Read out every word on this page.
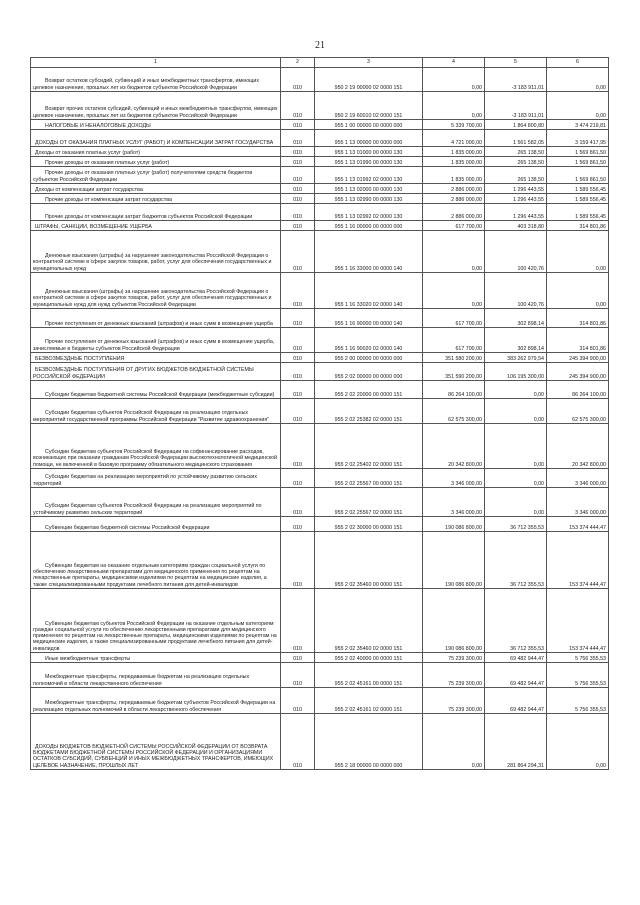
21
1	2	3	4	5	6
Возврат остатков субсидий, субвенций и иных межбюджетных трансфертов, имеющих целевое назначение, прошлых лет из бюджетов субъектов Российской Федерации	010	950 2 19 00000 02 0000 151	0,00	-3 183 911,01	0,00
Возврат прочих остатков субсидий, субвенций и иных межбюджетных трансфертов, имеющих целевое назначение, прошлых лет из бюджетов субъектов Российской Федерации	010	950 2 19 60010 02 0000 151	0,00	-3 183 911,01	0,00
НАЛОГОВЫЕ И НЕНАЛОГОВЫЕ ДОХОДЫ	010	955 1 00 00000 00 0000 000	5 339 700,00	1 864 800,80	3 474 219,81
ДОХОДЫ ОТ ОКАЗАНИЯ ПЛАТНЫХ УСЛУГ (РАБОТ) И КОМПЕНСАЦИИ ЗАТРАТ ГОСУДАРСТВА	010	955 1 13 00000 00 0000 000	4 721 000,00	1 561 582,05	3 159 417,95
Доходы от оказания платных услуг (работ)	010	955 1 13 01000 00 0000 130	1 835 000,00	265 138,50	1 569 861,50
Прочие доходы от оказания платных услуг (работ)	010	955 1 13 01990 00 0000 130	1 835 000,00	265 138,50	1 569 861,50
Прочие доходы от оказания платных услуг (работ) получателями средств бюджетов субъектов Российской Федерации	010	955 1 13 01992 02 0000 130	1 835 000,00	265 138,50	1 569 861,50
Доходы от компенсации затрат государства	010	955 1 13 02000 00 0000 130	2 886 000,00	1 296 443,55	1 589 556,45
Прочие доходы от компенсации затрат государства	010	955 1 13 02990 00 0000 130	2 886 000,00	1 296 443,55	1 589 556,45
Прочие доходы от компенсации затрат бюджетов субъектов Российской Федерации	010	955 1 13 02992 02 0000 130	2 886 000,00	1 296 443,55	1 589 556,45
ШТРАФЫ, САНКЦИИ, ВОЗМЕЩЕНИЕ УЩЕРБА	010	955 1 16 00000 00 0000 000	617 700,00	403 318,80	314 801,86
Денежные взыскания (штрафы) за нарушение законодательства Российской Федерации о контрактной системе в сфере закупок товаров, работ, услуг для обеспечения государственных и муниципальных нужд	010	955 1 16 33000 00 0000 140	0,00	100 420,76	0,00
Денежные взыскания (штрафы) за нарушение законодательства Российской Федерации о контрактной системе в сфере закупок товаров, работ, услуг для обеспечения государственных и муниципальных нужд для нужд субъектов Российской Федерации	010	955 1 16 33020 02 0000 140	0,00	100 420,76	0,00
Прочие поступления от денежных взысканий (штрафов) и иных сумм в возмещение ущерба	010	955 1 16 90000 00 0000 140	617 700,00	302 898,14	314 801,86
Прочие поступления от денежных взысканий (штрафов) и иных сумм в возмещение ущерба, зачисляемые в бюджеты субъектов Российской Федерации	010	955 1 16 90020 02 0000 140	617 700,00	302 898,14	314 801,86
БЕЗВОЗМЕЗДНЫЕ ПОСТУПЛЕНИЯ	010	955 2 00 00000 00 0000 000	351 580 200,00	383 262 979,54	245 394 900,00
БЕЗВОЗМЕЗДНЫЕ ПОСТУПЛЕНИЯ ОТ ДРУГИХ БЮДЖЕТОВ БЮДЖЕТНОЙ СИСТЕМЫ РОССИЙСКОЙ ФЕДЕРАЦИИ	010	955 2 02 00000 00 0000 000	351 590 200,00	106 195 300,00	245 394 900,00
Субсидии бюджетам бюджетной системы Российской Федерации (межбюджетные субсидии)	010	955 2 02 20000 00 0000 151	86 264 100,00	0,00	86 264 100,00
Субсидии бюджетам субъектов Российской Федерации на реализацию отдельных мероприятий государственной программы Российской Федерации "Развитие здравоохранения"	010	955 2 02 25382 02 0000 151	62 575 300,00	0,00	62 575 300,00
Субсидии бюджетам субъектов Российской Федерации на софинансирование расходов, возникающих при оказании гражданам Российской Федерации высокотехнологичной медицинской помощи, не включенной в базовую программу обязательного медицинского страхования	010	955 2 02 25402 02 0000 151	20 342 800,00	0,00	20 342 800,00
Субсидии бюджетам на реализацию мероприятий по устойчивому развитию сельских территорий	010	955 2 02 25567 00 0000 151	3 346 000,00	0,00	3 346 000,00
Субсидии бюджетам субъектов Российской Федерации на реализацию мероприятий по устойчивому развитию сельских территорий	010	955 2 02 25567 02 0000 151	3 346 000,00	0,00	3 346 000,00
Субвенции бюджетам бюджетной системы Российской Федерации	010	955 2 02 30000 00 0000 151	190 086 800,00	36 712 355,53	153 374 444,47
Субвенции бюджетам на оказание отдельным категориям граждан социальной услуги по обеспечению лекарственными препаратами для медицинского применения по рецептам на лекарственные препараты, медицинскими изделиями по рецептам на медицинские изделия, а также специализированными продуктами лечебного питания для детей-инвалидов	010	955 2 02 35460 00 0000 151	190 086 800,00	36 712 355,53	153 374 444,47
Субвенции бюджетам субъектов Российской Федерации на оказание отдельным категориям граждан социальной услуги по обеспечению лекарственными препаратами для медицинского применения по рецептам на лекарственные препараты, медицинскими изделиями по рецептам на медицинские изделия, а также специализированными продуктами лечебного питания для детей-инвалидов	010	955 2 02 35460 02 0000 151	190 086 800,00	36 712 355,53	153 374 444,47
Иные межбюджетные трансферты	010	955 2 02 40000 00 0000 151	75 239 300,00	69 482 944,47	5 756 355,53
Межбюджетные трансферты, передаваемые бюджетам на реализацию отдельных полномочий в области лекарственного обеспечения	010	955 2 02 45161 00 0000 151	75 239 300,00	69 482 944,47	5 756 355,53
Межбюджетные трансферты, передаваемые бюджетам субъектов Российской Федерации на реализацию отдельных полномочий в области лекарственного обеспечения	010	955 2 02 45161 02 0000 151	75 239 300,00	69 482 944,47	5 756 355,53
ДОХОДЫ БЮДЖЕТОВ БЮДЖЕТНОЙ СИСТЕМЫ РОССИЙСКОЙ ФЕДЕРАЦИИ ОТ ВОЗВРАТА БЮДЖЕТАМИ БЮДЖЕТНОЙ СИСТЕМЫ РОССИЙСКОЙ ФЕДЕРАЦИИ И ОРГАНИЗАЦИЯМИ ОСТАТКОВ СУБСИДИЙ, СУБВЕНЦИЙ И ИНЫХ МЕЖБЮДЖЕТНЫХ ТРАНСФЕРТОВ, ИМЕЮЩИХ ЦЕЛЕВОЕ НАЗНАЧЕНИЕ, ПРОШЛЫХ ЛЕТ	010	955 2 18 00000 00 0000 000	0,00	281 864 294,31	0,00
